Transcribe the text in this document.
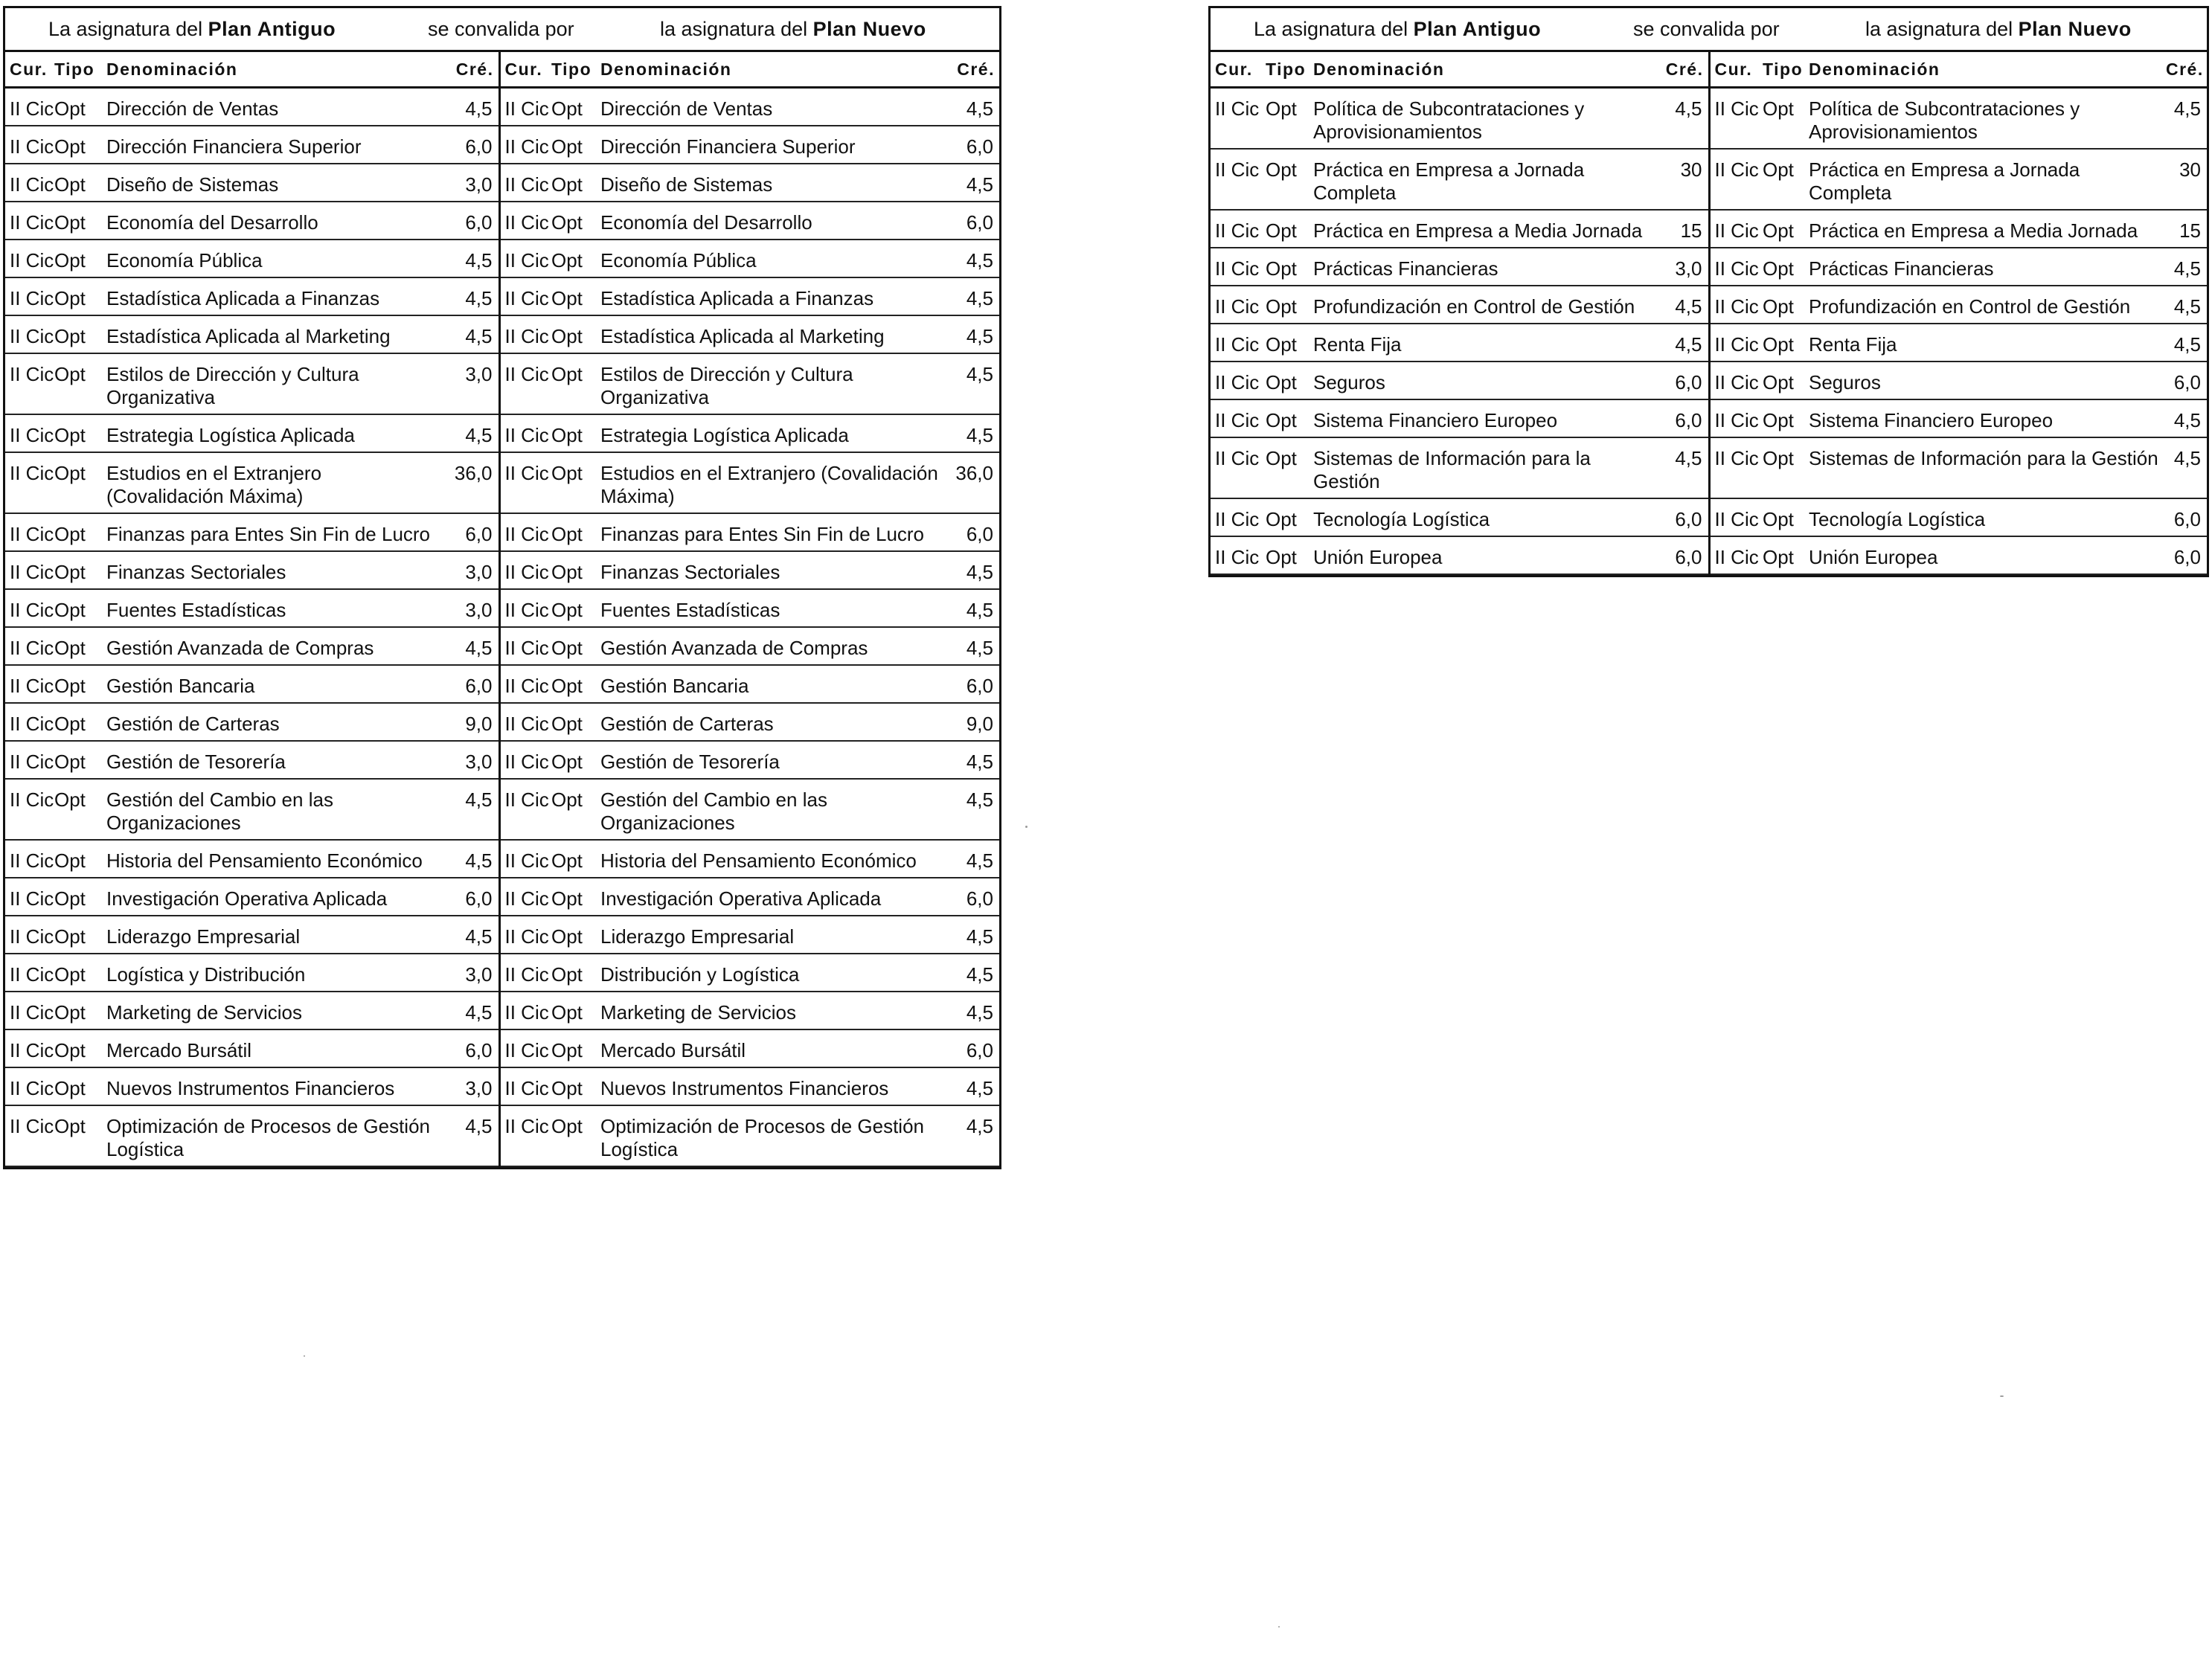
La asignatura del Plan Antiguo	se convalida por	la asignatura del Plan Nuevo
Cur.	Tipo	Denominación	Cré.	Cur.	Tipo	Denominación	Cré.
II Cic	Opt	Dirección de Ventas	4,5	II Cic	Opt	Dirección de Ventas	4,5
II Cic	Opt	Dirección Financiera Superior	6,0	II Cic	Opt	Dirección Financiera Superior	6,0
II Cic	Opt	Diseño de Sistemas	3,0	II Cic	Opt	Diseño de Sistemas	4,5
II Cic	Opt	Economía del Desarrollo	6,0	II Cic	Opt	Economía del Desarrollo	6,0
II Cic	Opt	Economía Pública	4,5	II Cic	Opt	Economía Pública	4,5
II Cic	Opt	Estadística Aplicada a Finanzas	4,5	II Cic	Opt	Estadística Aplicada a Finanzas	4,5
II Cic	Opt	Estadística Aplicada al Marketing	4,5	II Cic	Opt	Estadística Aplicada al Marketing	4,5
II Cic	Opt	Estilos de Dirección y Cultura Organizativa	3,0	II Cic	Opt	Estilos de Dirección y Cultura Organizativa	4,5
II Cic	Opt	Estrategia Logística Aplicada	4,5	II Cic	Opt	Estrategia Logística Aplicada	4,5
II Cic	Opt	Estudios en el Extranjero (Covalidación Máxima)	36,0	II Cic	Opt	Estudios en el Extranjero (Covalidación Máxima)	36,0
II Cic	Opt	Finanzas para Entes Sin Fin de Lucro	6,0	II Cic	Opt	Finanzas para Entes Sin Fin de Lucro	6,0
II Cic	Opt	Finanzas Sectoriales	3,0	II Cic	Opt	Finanzas Sectoriales	4,5
II Cic	Opt	Fuentes Estadísticas	3,0	II Cic	Opt	Fuentes Estadísticas	4,5
II Cic	Opt	Gestión Avanzada de Compras	4,5	II Cic	Opt	Gestión Avanzada de Compras	4,5
II Cic	Opt	Gestión Bancaria	6,0	II Cic	Opt	Gestión Bancaria	6,0
II Cic	Opt	Gestión de Carteras	9,0	II Cic	Opt	Gestión de Carteras	9,0
II Cic	Opt	Gestión de Tesorería	3,0	II Cic	Opt	Gestión de Tesorería	4,5
II Cic	Opt	Gestión del Cambio en las Organizaciones	4,5	II Cic	Opt	Gestión del Cambio en las Organizaciones	4,5
II Cic	Opt	Historia del Pensamiento Económico	4,5	II Cic	Opt	Historia del Pensamiento Económico	4,5
II Cic	Opt	Investigación Operativa Aplicada	6,0	II Cic	Opt	Investigación Operativa Aplicada	6,0
II Cic	Opt	Liderazgo Empresarial	4,5	II Cic	Opt	Liderazgo Empresarial	4,5
II Cic	Opt	Logística y Distribución	3,0	II Cic	Opt	Distribución y Logística	4,5
II Cic	Opt	Marketing de Servicios	4,5	II Cic	Opt	Marketing de Servicios	4,5
II Cic	Opt	Mercado Bursátil	6,0	II Cic	Opt	Mercado Bursátil	6,0
II Cic	Opt	Nuevos Instrumentos Financieros	3,0	II Cic	Opt	Nuevos Instrumentos Financieros	4,5
II Cic	Opt	Optimización de Procesos de Gestión Logística	4,5	II Cic	Opt	Optimización de Procesos de Gestión Logística	4,5
La asignatura del Plan Antiguo	se convalida por	la asignatura del Plan Nuevo
Cur.	Tipo	Denominación	Cré.	Cur.	Tipo	Denominación	Cré.
II Cic	Opt	Política de Subcontrataciones y Aprovisionamientos	4,5	II Cic	Opt	Política de Subcontrataciones y Aprovisionamientos	4,5
II Cic	Opt	Práctica en Empresa a Jornada Completa	30	II Cic	Opt	Práctica en Empresa a Jornada Completa	30
II Cic	Opt	Práctica en Empresa a Media Jornada	15	II Cic	Opt	Práctica en Empresa a Media Jornada	15
II Cic	Opt	Prácticas Financieras	3,0	II Cic	Opt	Prácticas Financieras	4,5
II Cic	Opt	Profundización en Control de Gestión	4,5	II Cic	Opt	Profundización en Control de Gestión	4,5
II Cic	Opt	Renta Fija	4,5	II Cic	Opt	Renta Fija	4,5
II Cic	Opt	Seguros	6,0	II Cic	Opt	Seguros	6,0
II Cic	Opt	Sistema Financiero Europeo	6,0	II Cic	Opt	Sistema Financiero Europeo	4,5
II Cic	Opt	Sistemas de Información para la Gestión	4,5	II Cic	Opt	Sistemas de Información para la Gestión	4,5
II Cic	Opt	Tecnología Logística	6,0	II Cic	Opt	Tecnología Logística	6,0
II Cic	Opt	Unión Europea	6,0	II Cic	Opt	Unión Europea	6,0
